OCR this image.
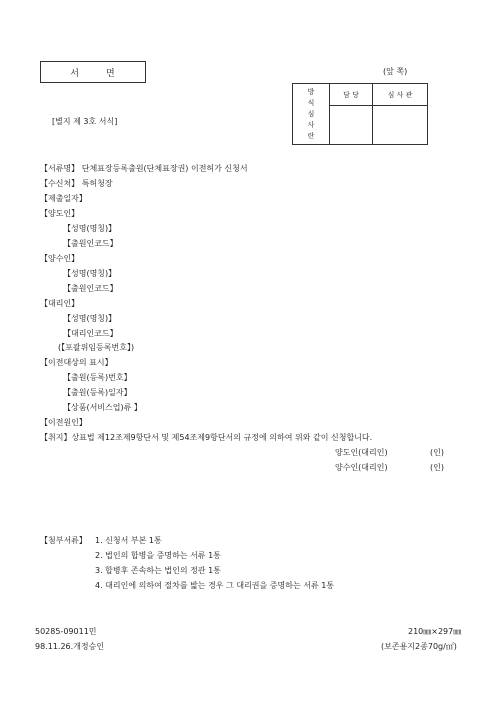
서	면	(앞 쪽)
[별지 제 3호 서식]
방식심사란	담 당	심 사 관

【서류명】 단체표장등록출원(단체표장권) 이전허가 신청서
【수신처】 특허청장
【제출일자】
【양도인】
【성명(명칭)】
【출원인코드】
【양수인】
【성명(명칭)】
【출원인코드】
【대리인】
【성명(명칭)】
【대리인코드】
(【포괄위임등록번호】)
【이전대상의 표시】
【출원(등록)번호】
【출원(등록)일자】
【상품(서비스업)류 】
【이전원인】
【취지】상표법 제12조제9항단서 및 제54조제9항단서의 규정에 의하여 위와 같이 신청합니다.
양도인(대리인)	(인)
양수인(대리인)	(인)
【첨부서류】 1. 신청서 부본 1통
2. 법인의 합병을 증명하는 서류 1통
3. 합병후 존속하는 법인의 정관 1통
4. 대리인에 의하여 절차를 밟는 경우 그 대리권을 증명하는 서류 1통
50285-09011민
98.11.26.개정승인
210㎜×297㎜
(보존용지2종70g/㎡)
